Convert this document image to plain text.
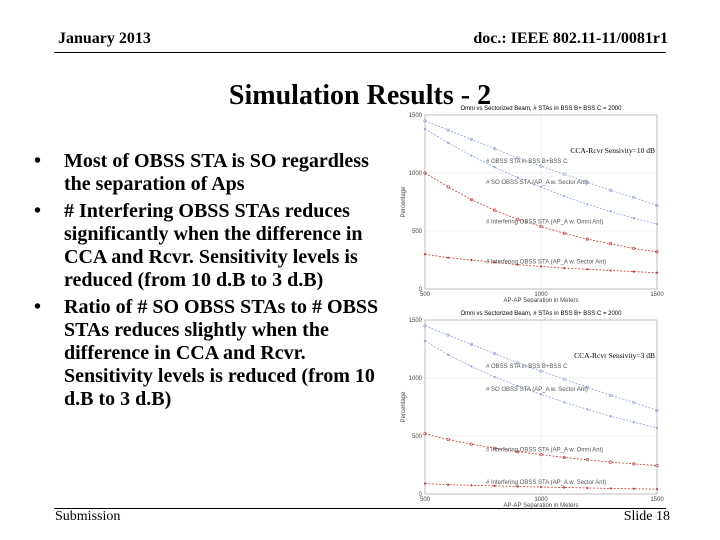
January 2013	doc.: IEEE 802.11-11/0081r1
Simulation Results - 2
• Most of OBSS STA is SO regardless the separation of Aps
• # Interfering OBSS STAs reduces significantly when the difference in CCA and Rcvr. Sensitivity levels is reduced (from 10 d.B to 3 d.B)
• Ratio of # SO OBSS STAs to # OBSS STAs reduces slightly when the difference in CCA and Rcvr. Sensitivity levels is reduced (from 10 d.B to 3 d.B)
Omni vs Sectorized Beam, # STAs in BSS B+ BSS C = 2000
0
500
1000
1500
500	1000	1500
AP-AP Separation in Meters
Percentage
# OBSS STA in BSS B+BSS C
# SO OBSS STA (AP_A w. Sector Ant)
# Interfering OBSS STA (AP_A w. Omni Ant)
# Interfering OBSS STA (AP_A w. Sector Ant)
CCA-Rcvr Sensivity=10 dB
Omni vs Sectorized Beam, # STAs in BSS B+ BSS C = 2000
0
500
1000
1500
500	1000	1500
AP-AP Separation in Meters
Percentage
# OBSS STA in BSS B+BSS C
# SO OBSS STA (AP_A w. Sector Ant)
# Interfering OBSS STA (AP_A w. Omni Ant)
# Interfering OBSS STA (AP_A w. Sector Ant)
CCA-Rcvr Sensivity=3 dB
Submission	Slide 18
